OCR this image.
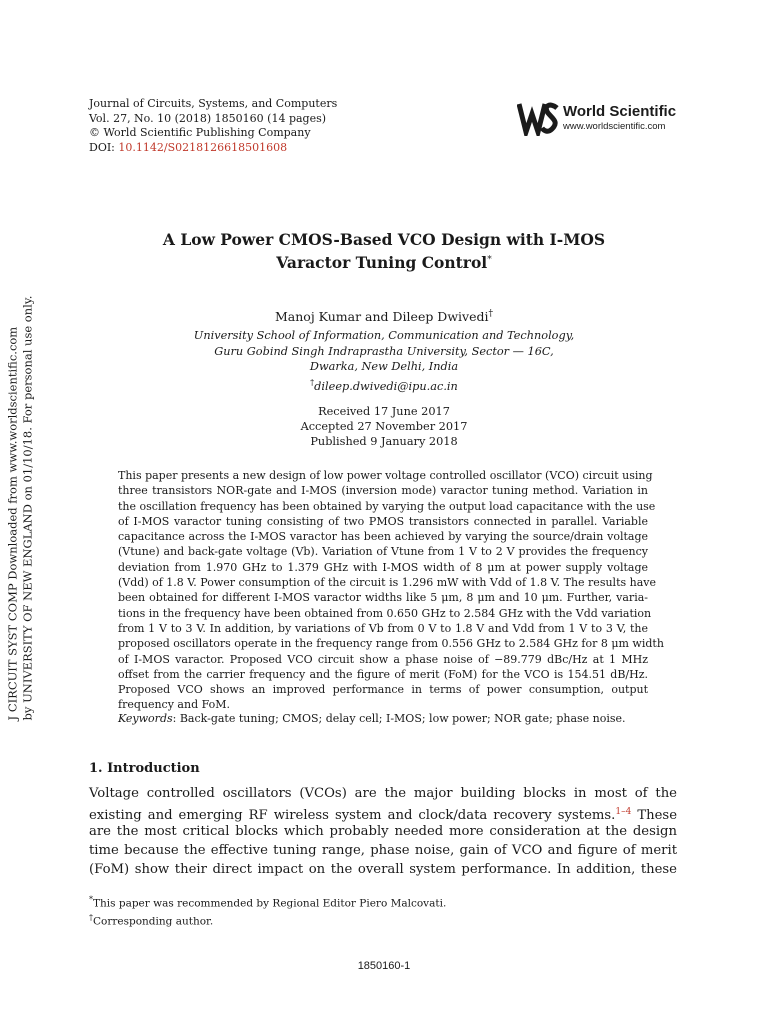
Journal of Circuits, Systems, and Computers
Vol. 27, No. 10 (2018) 1850160 (14 pages)
© World Scientific Publishing Company
DOI: 10.1142/S0218126618501608
World Scientific
www.worldscientific.com
J CIRCUIT SYST COMP Downloaded from www.worldscientific.com by UNIVERSITY OF NEW ENGLAND on 01/10/18. For personal use only.
A Low Power CMOS-Based VCO Design with I-MOS
Varactor Tuning Control*
Manoj Kumar and Dileep Dwivedi†
University School of Information, Communication and Technology,
Guru Gobind Singh Indraprastha University, Sector — 16C,
Dwarka, New Delhi, India
†dileep.dwivedi@ipu.ac.in
Received 17 June 2017
Accepted 27 November 2017
Published 9 January 2018
This paper presents a new design of low power voltage controlled oscillator (VCO) circuit using
three transistors NOR-gate and I-MOS (inversion mode) varactor tuning method. Variation in
the oscillation frequency has been obtained by varying the output load capacitance with the use
of I-MOS varactor tuning consisting of two PMOS transistors connected in parallel. Variable
capacitance across the I-MOS varactor has been achieved by varying the source/drain voltage
(Vtune) and back-gate voltage (Vb). Variation of Vtune from 1 V to 2 V provides the frequency
deviation from 1.970 GHz to 1.379 GHz with I-MOS width of 8 μm at power supply voltage
(Vdd) of 1.8 V. Power consumption of the circuit is 1.296 mW with Vdd of 1.8 V. The results have
been obtained for different I-MOS varactor widths like 5 μm, 8 μm and 10 μm. Further, varia-
tions in the frequency have been obtained from 0.650 GHz to 2.584 GHz with the Vdd variation
from 1 V to 3 V. In addition, by variations of Vb from 0 V to 1.8 V and Vdd from 1 V to 3 V, the
proposed oscillators operate in the frequency range from 0.556 GHz to 2.584 GHz for 8 μm width
of I-MOS varactor. Proposed VCO circuit show a phase noise of −89.779 dBc/Hz at 1 MHz
offset from the carrier frequency and the figure of merit (FoM) for the VCO is 154.51 dB/Hz.
Proposed VCO shows an improved performance in terms of power consumption, output
frequency and FoM.
Keywords: Back-gate tuning; CMOS; delay cell; I-MOS; low power; NOR gate; phase noise.
1. Introduction
Voltage controlled oscillators (VCOs) are the major building blocks in most of the
existing and emerging RF wireless system and clock/data recovery systems.$^{1-4}$ These
are the most critical blocks which probably needed more consideration at the design
time because the effective tuning range, phase noise, gain of VCO and figure of merit
(FoM) show their direct impact on the overall system performance. In addition, these
*This paper was recommended by Regional Editor Piero Malcovati.
†Corresponding author.
1850160-1
